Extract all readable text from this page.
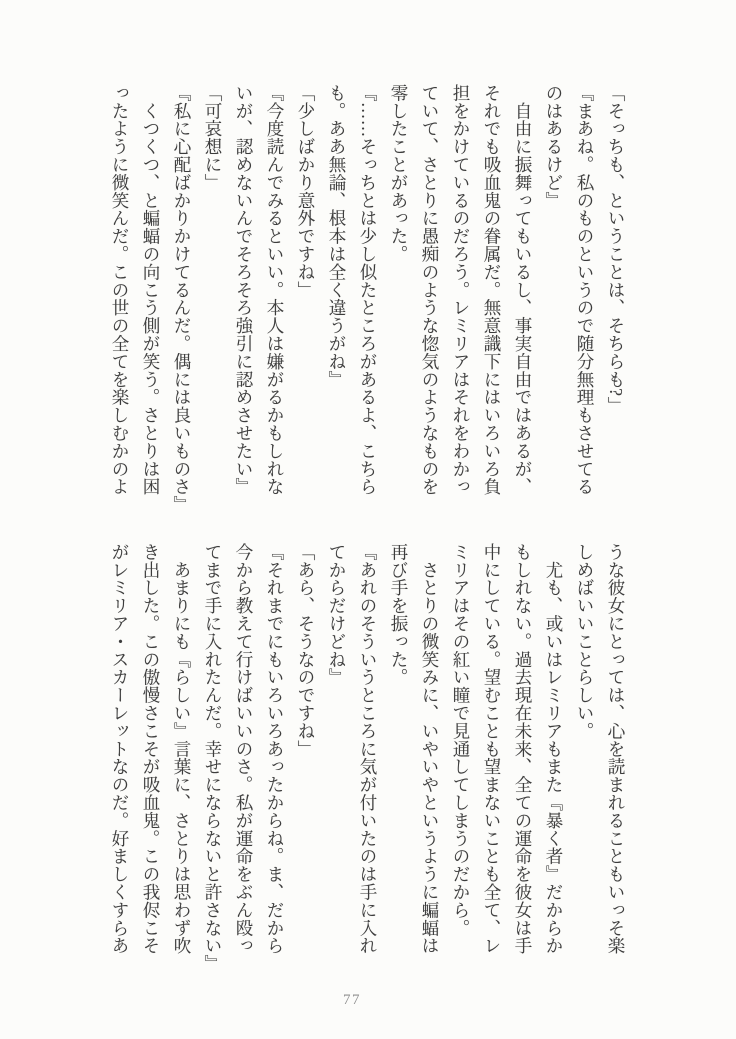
「そっちも、ということは、そちらも?」

『まあね。私のものというので随分無理もさせてる

のはあるけど』

　自由に振舞ってもいるし、事実自由ではあるが、

それでも吸血鬼の眷属だ。無意識下にはいろいろ負

担をかけているのだろう。レミリアはそれをわかっ

ていて、さとりに愚痴のような惚気のようなものを

零したことがあった。

『……そっちとは少し似たところがあるよ、こちら

も。ああ無論、根本は全く違うがね』

「少しばかり意外ですね」

『今度読んでみるといい。本人は嫌がるかもしれな

いが、認めないんでそろそろ強引に認めさせたい』

「可哀想に」

『私に心配ばかりかけてるんだ。偶には良いものさ』

　くつくつ、と蝙蝠の向こう側が笑う。さとりは困

ったように微笑んだ。この世の全てを楽しむかのよ

うな彼女にとっては、心を読まれることもいっそ楽

しめばいいことらしい。

　尤も、或いはレミリアもまた『暴く者』だからか

もしれない。過去現在未来、全ての運命を彼女は手

中にしている。望むことも望まないことも全て、レ

ミリアはその紅い瞳で見通してしまうのだから。

　さとりの微笑みに、いやいやというように蝙蝠は

再び手を振った。

『あれのそういうところに気が付いたのは手に入れ

てからだけどね』

「あら、そうなのですね」

『それまでにもいろいろあったからね。ま、だから

今から教えて行けばいいのさ。私が運命をぶん殴っ

てまで手に入れたんだ。幸せにならないと許さない』

　あまりにも『らしい』言葉に、さとりは思わず吹

き出した。この傲慢さこそが吸血鬼。この我侭こそ

がレミリア・スカーレットなのだ。好ましくすらあ

77
